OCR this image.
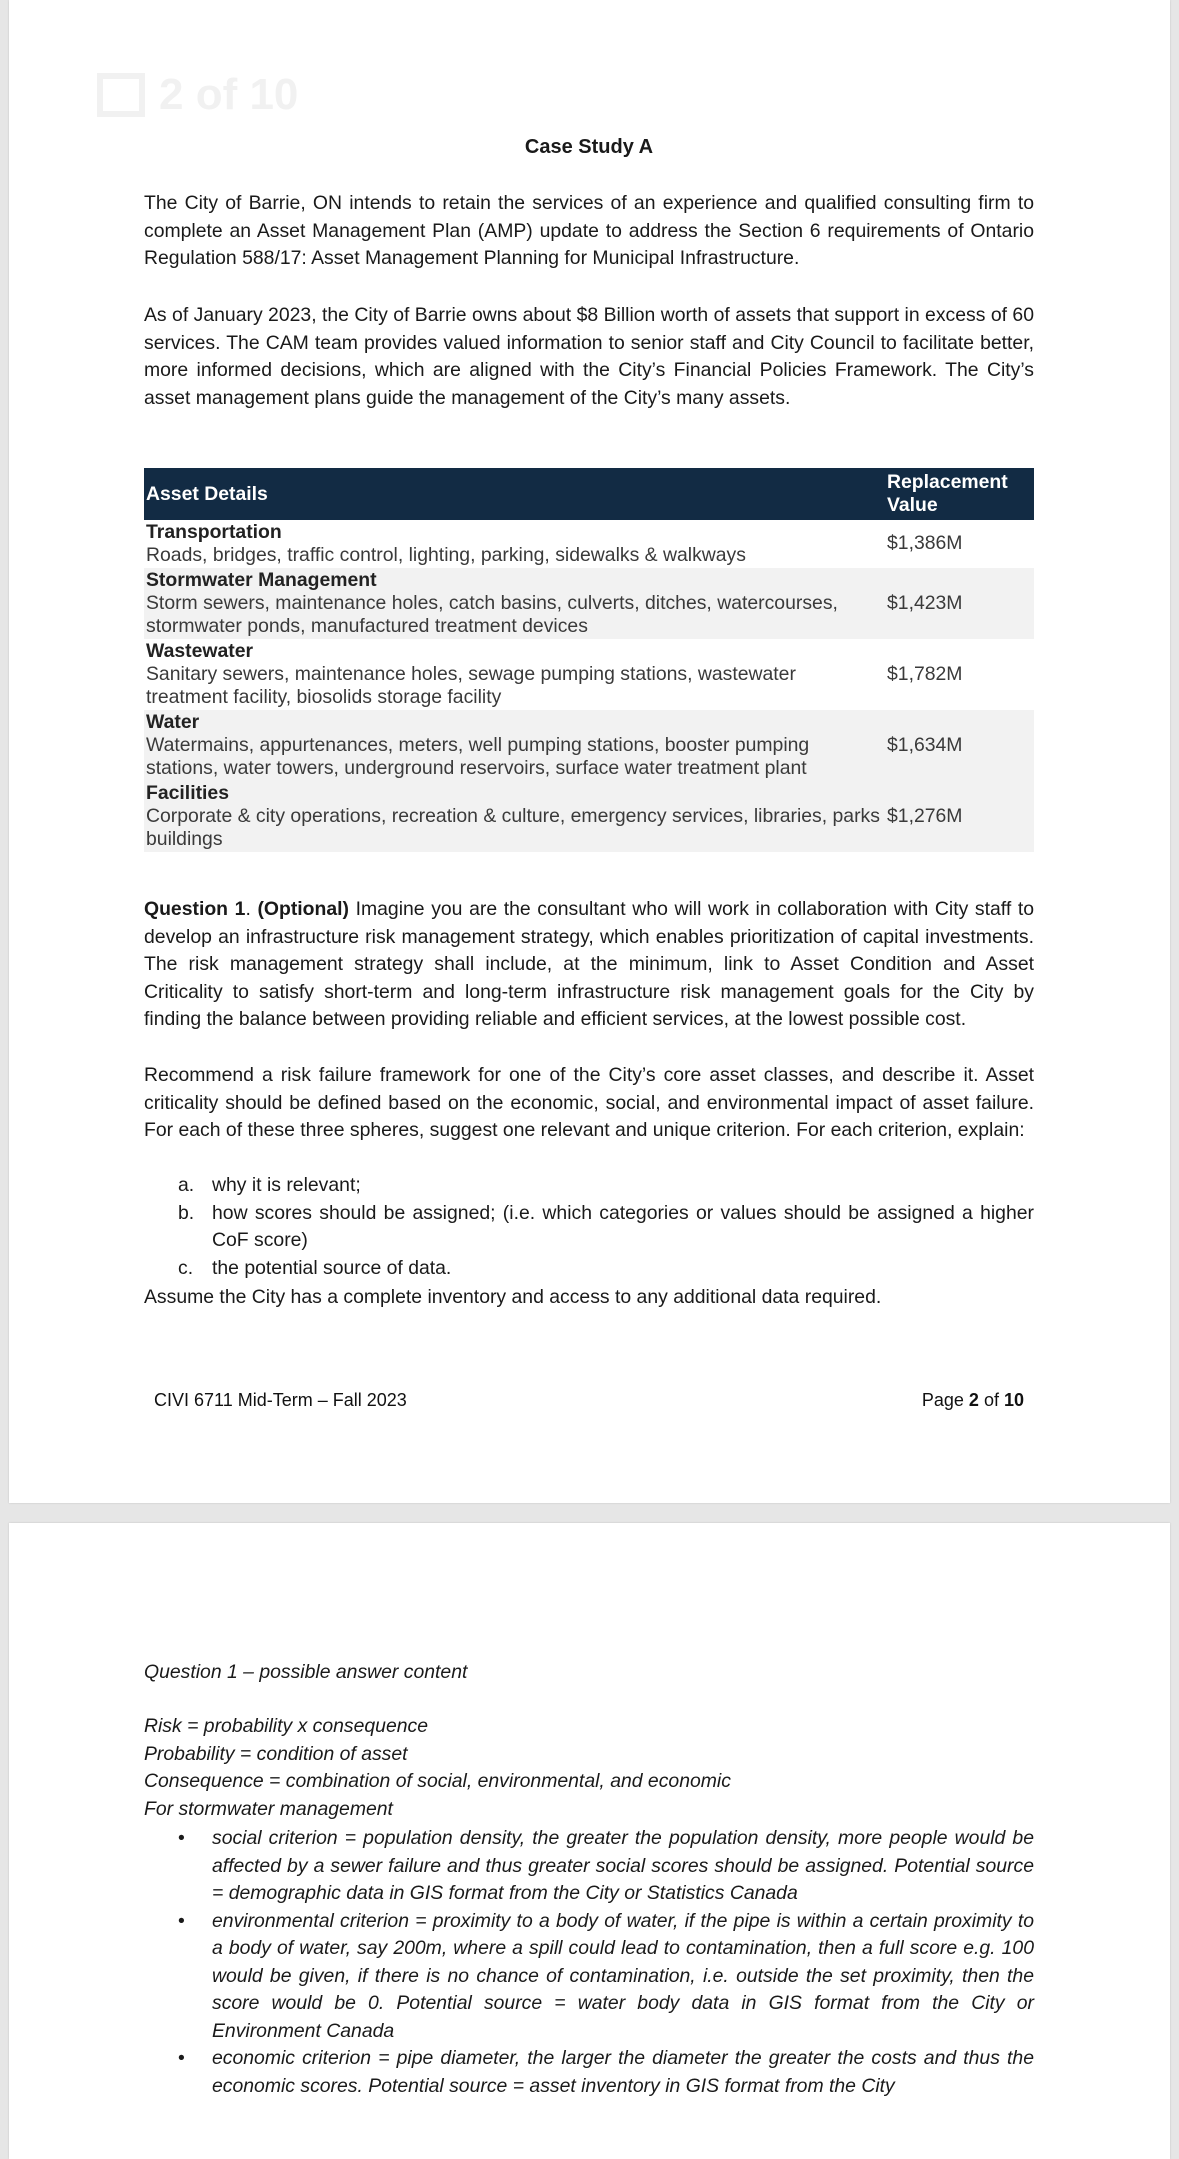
2 of 10
Case Study A

The City of Barrie, ON intends to retain the services of an experience and qualified consulting firm to complete an Asset Management Plan (AMP) update to address the Section 6 requirements of Ontario Regulation 588/17: Asset Management Planning for Municipal Infrastructure.

As of January 2023, the City of Barrie owns about $8 Billion worth of assets that support in excess of 60 services. The CAM team provides valued information to senior staff and City Council to facilitate better, more informed decisions, which are aligned with the City’s Financial Policies Framework. The City’s asset management plans guide the management of the City’s many assets.

Asset Details	Replacement Value

Transportation
Roads, bridges, traffic control, lighting, parking, sidewalks & walkways	$1,386M

Stormwater Management
Storm sewers, maintenance holes, catch basins, culverts, ditches, watercourses, stormwater ponds, manufactured treatment devices	$1,423M

Wastewater
Sanitary sewers, maintenance holes, sewage pumping stations, wastewater treatment facility, biosolids storage facility	$1,782M

Water
Watermains, appurtenances, meters, well pumping stations, booster pumping stations, water towers, underground reservoirs, surface water treatment plant	$1,634M

Facilities
Corporate & city operations, recreation & culture, emergency services, libraries, parks buildings	$1,276M

Question 1. (Optional) Imagine you are the consultant who will work in collaboration with City staff to develop an infrastructure risk management strategy, which enables prioritization of capital investments. The risk management strategy shall include, at the minimum, link to Asset Condition and Asset Criticality to satisfy short-term and long-term infrastructure risk management goals for the City by finding the balance between providing reliable and efficient services, at the lowest possible cost.

Recommend a risk failure framework for one of the City’s core asset classes, and describe it. Asset criticality should be defined based on the economic, social, and environmental impact of asset failure. For each of these three spheres, suggest one relevant and unique criterion. For each criterion, explain:

a. why it is relevant;
b. how scores should be assigned; (i.e. which categories or values should be assigned a higher CoF score)
c. the potential source of data.

Assume the City has a complete inventory and access to any additional data required.

CIVI 6711 Mid-Term – Fall 2023	Page 2 of 10
Question 1 – possible answer content
Risk = probability x consequence
Probability = condition of asset
Consequence = combination of social, environmental, and economic
For stormwater management
• social criterion = population density, the greater the population density, more people would be affected by a sewer failure and thus greater social scores should be assigned. Potential source = demographic data in GIS format from the City or Statistics Canada
• environmental criterion = proximity to a body of water, if the pipe is within a certain proximity to a body of water, say 200m, where a spill could lead to contamination, then a full score e.g. 100 would be given, if there is no chance of contamination, i.e. outside the set proximity, then the score would be 0. Potential source = water body data in GIS format from the City or Environment Canada
• economic criterion = pipe diameter, the larger the diameter the greater the costs and thus the economic scores. Potential source = asset inventory in GIS format from the City
